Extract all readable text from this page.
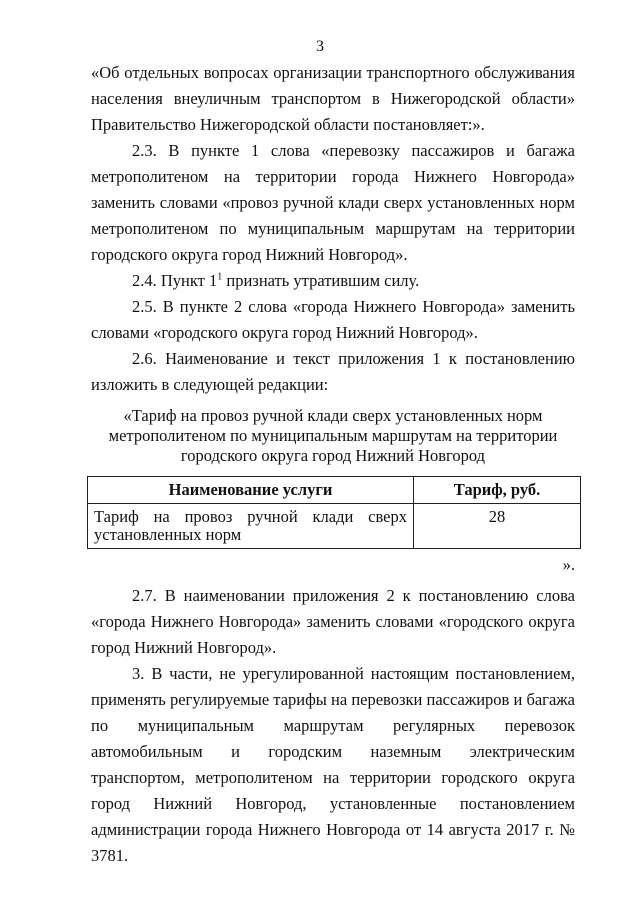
3

«Об отдельных вопросах организации транспортного обслуживания населения внеуличным транспортом в Нижегородской области» Правительство Нижегородской области постановляет:».

2.3. В пункте 1 слова «перевозку пассажиров и багажа метрополитеном на территории города Нижнего Новгорода» заменить словами «провоз ручной клади сверх установленных норм метрополитеном по муниципальным маршрутам на территории городского округа город Нижний Новгород».

2.4. Пункт $1^1$ признать утратившим силу.

2.5. В пункте 2 слова «города Нижнего Новгорода» заменить словами «городского округа город Нижний Новгород».

2.6. Наименование и текст приложения 1 к постановлению изложить в следующей редакции:

«Тариф на провоз ручной клади сверх установленных норм
метрополитеном по муниципальным маршрутам на территории
городского округа город Нижний Новгород
Наименование услуги	Тариф, руб.
Тариф на провоз ручной клади сверх установленных норм	28
».

2.7. В наименовании приложения 2 к постановлению слова «города Нижнего Новгорода» заменить словами «городского округа город Нижний Новгород».

3. В части, не урегулированной настоящим постановлением, применять регулируемые тарифы на перевозки пассажиров и багажа по муниципальным маршрутам регулярных перевозок автомобильным и городским наземным электрическим транспортом, метрополитеном на территории городского округа город Нижний Новгород, установленные постановлением администрации города Нижнего Новгорода от 14 августа 2017 г. № 3781.
